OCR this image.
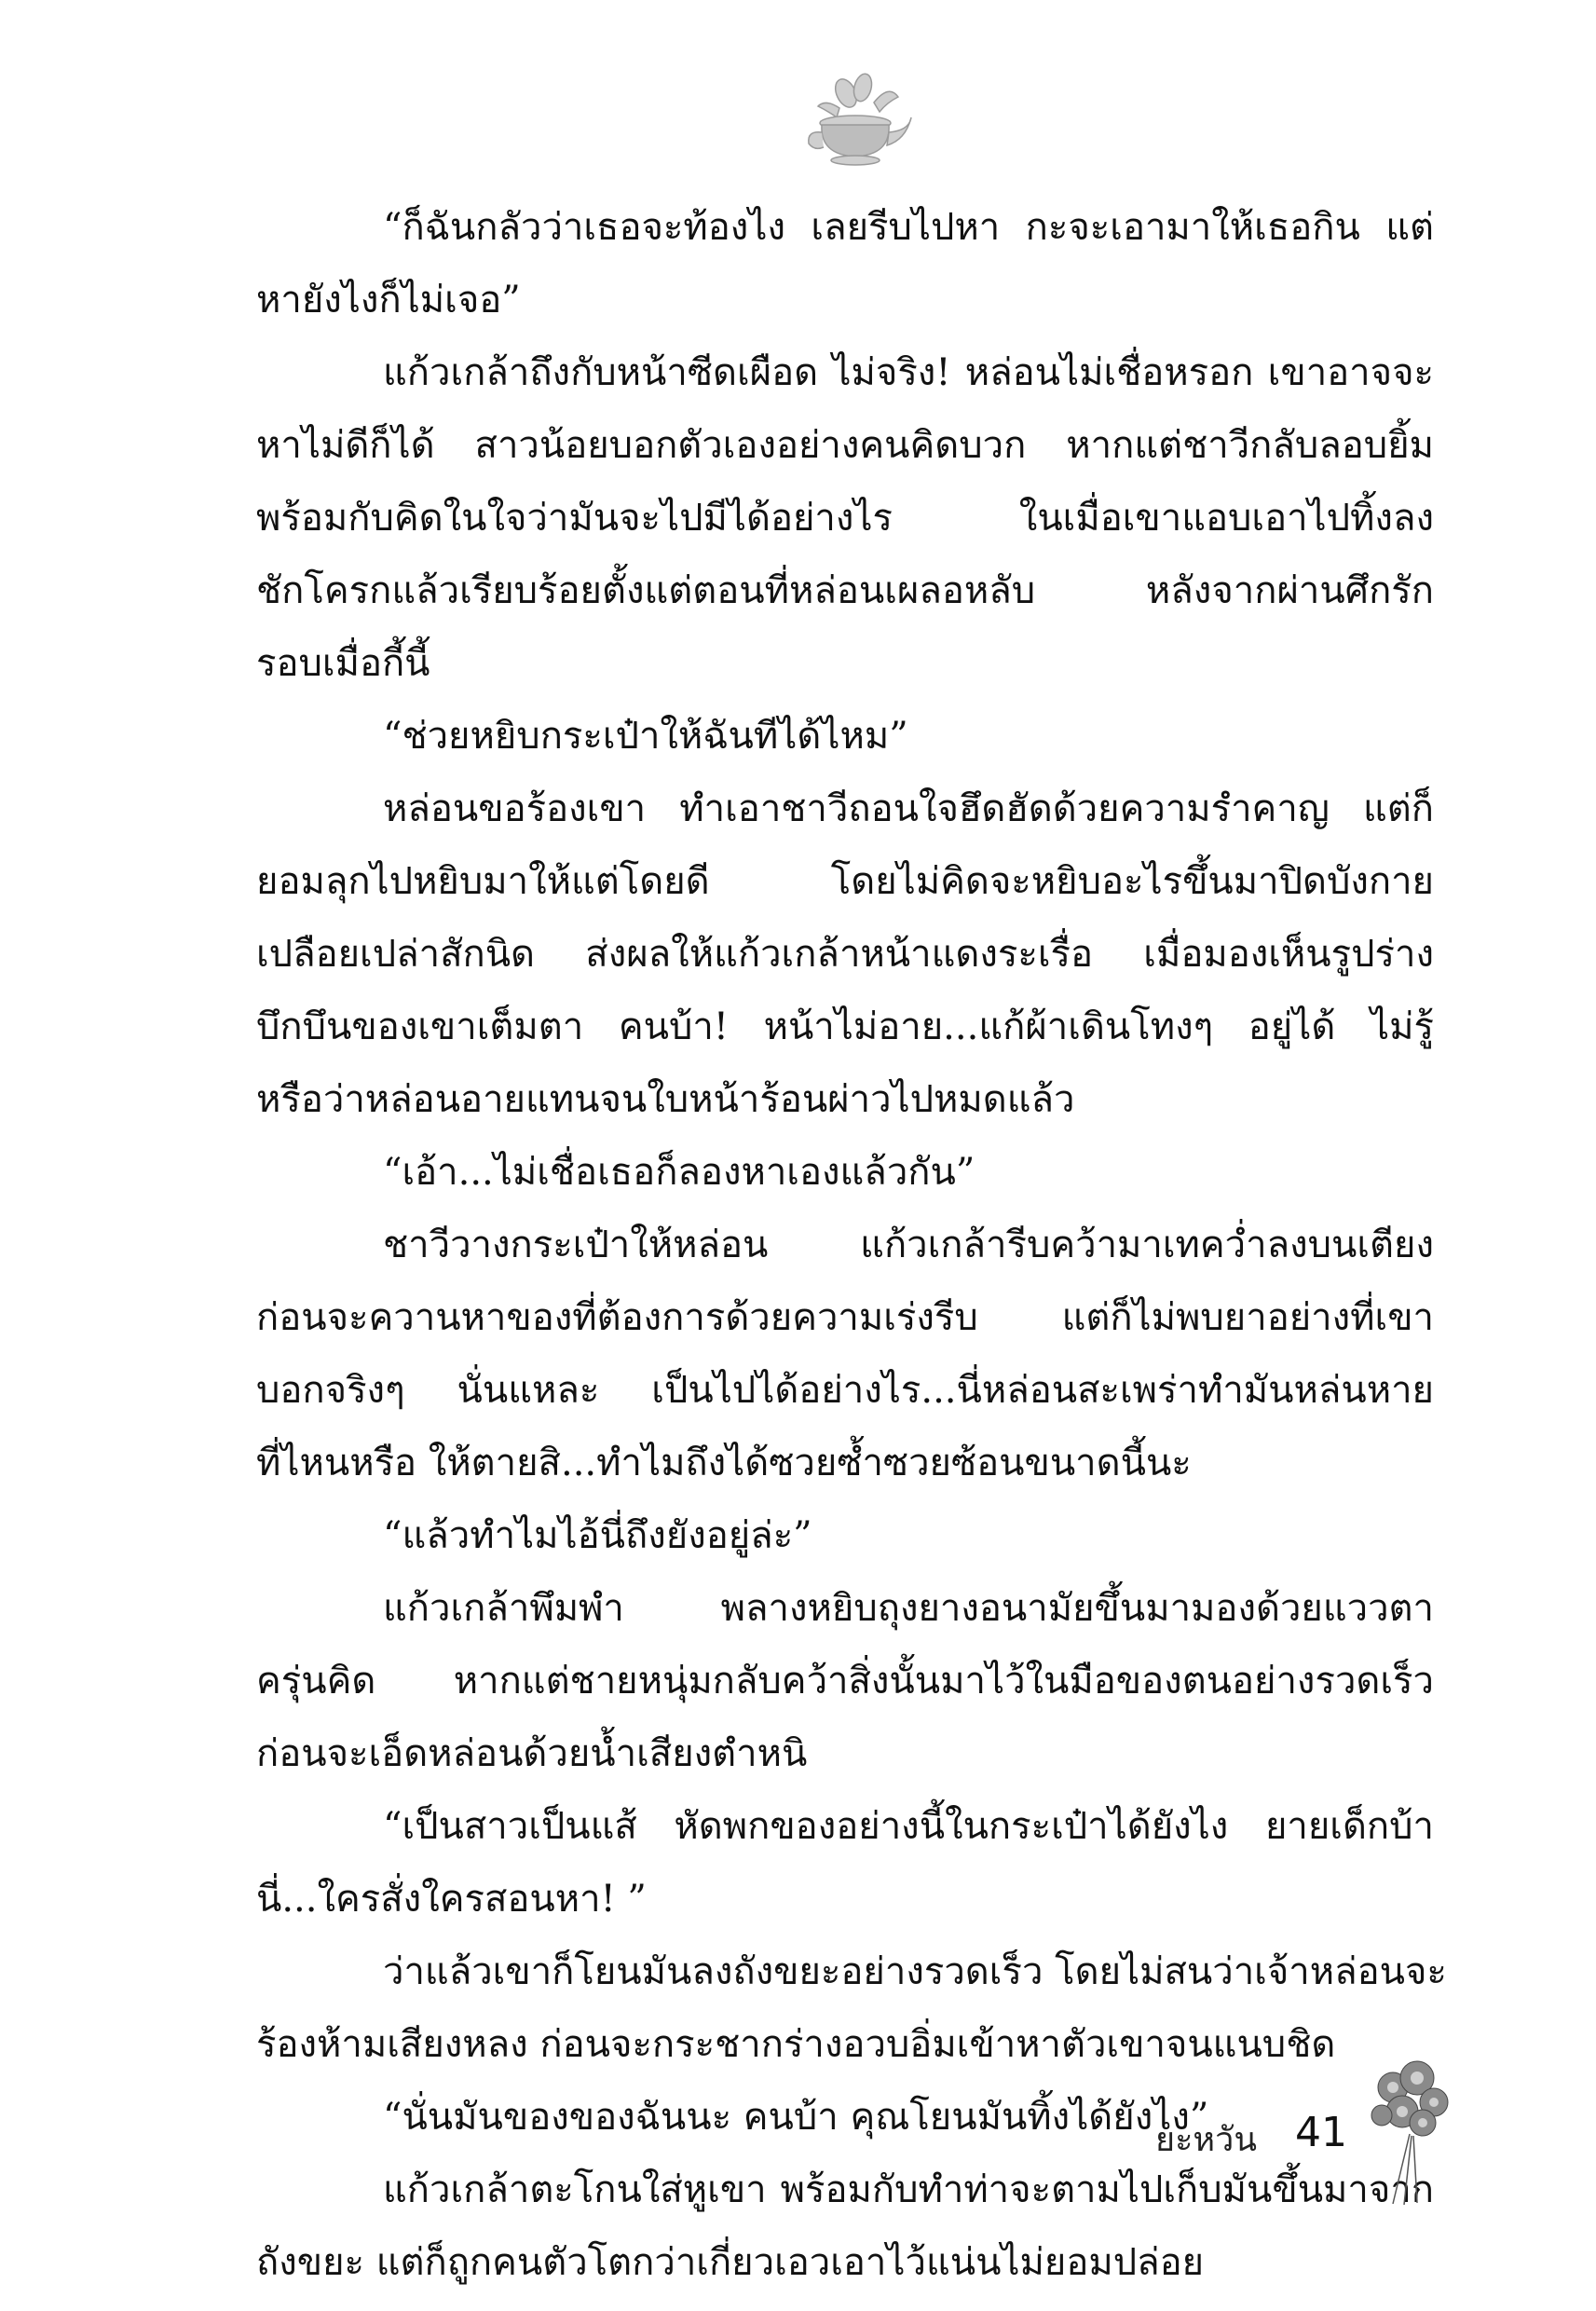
“ก็ฉันกลัวว่าเธอจะท้องไง เลยรีบไปหา กะจะเอามาให้เธอกิน แต่
หายังไงก็ไม่เจอ”
แก้วเกล้าถึงกับหน้าซีดเผือด ไม่จริง! หล่อนไม่เชื่อหรอก เขาอาจจะ
หาไม่ดีก็ได้ สาวน้อยบอกตัวเองอย่างคนคิดบวก หากแต่ชาวีกลับลอบยิ้ม
พร้อมกับคิดในใจว่ามันจะไปมีได้อย่างไร ในเมื่อเขาแอบเอาไปทิ้งลง
ชักโครกแล้วเรียบร้อยตั้งแต่ตอนที่หล่อนเผลอหลับ หลังจากผ่านศึกรัก
รอบเมื่อกี้นี้
“ช่วยหยิบกระเป๋าให้ฉันทีได้ไหม”
หล่อนขอร้องเขา ทำเอาชาวีถอนใจฮึดฮัดด้วยความรำคาญ แต่ก็
ยอมลุกไปหยิบมาให้แต่โดยดี โดยไม่คิดจะหยิบอะไรขึ้นมาปิดบังกาย
เปลือยเปล่าสักนิด ส่งผลให้แก้วเกล้าหน้าแดงระเรื่อ เมื่อมองเห็นรูปร่าง
บึกบึนของเขาเต็มตา คนบ้า! หน้าไม่อาย...แก้ผ้าเดินโทงๆ อยู่ได้ ไม่รู้
หรือว่าหล่อนอายแทนจนใบหน้าร้อนผ่าวไปหมดแล้ว
“เอ้า...ไม่เชื่อเธอก็ลองหาเองแล้วกัน”
ชาวีวางกระเป๋าให้หล่อน แก้วเกล้ารีบคว้ามาเทคว่ำลงบนเตียง
ก่อนจะควานหาของที่ต้องการด้วยความเร่งรีบ แต่ก็ไม่พบยาอย่างที่เขา
บอกจริงๆ นั่นแหละ เป็นไปได้อย่างไร...นี่หล่อนสะเพร่าทำมันหล่นหาย
ที่ไหนหรือ ให้ตายสิ...ทำไมถึงได้ซวยซ้ำซวยซ้อนขนาดนี้นะ
“แล้วทำไมไอ้นี่ถึงยังอยู่ล่ะ”
แก้วเกล้าพึมพำ พลางหยิบถุงยางอนามัยขึ้นมามองด้วยแววตา
ครุ่นคิด หากแต่ชายหนุ่มกลับคว้าสิ่งนั้นมาไว้ในมือของตนอย่างรวดเร็ว
ก่อนจะเอ็ดหล่อนด้วยน้ำเสียงตำหนิ
“เป็นสาวเป็นแส้ หัดพกของอย่างนี้ในกระเป๋าได้ยังไง ยายเด็กบ้า
นี่...ใครสั่งใครสอนหา! ”
ว่าแล้วเขาก็โยนมันลงถังขยะอย่างรวดเร็ว โดยไม่สนว่าเจ้าหล่อนจะ
ร้องห้ามเสียงหลง ก่อนจะกระชากร่างอวบอิ่มเข้าหาตัวเขาจนแนบชิด
“นั่นมันของของฉันนะ คนบ้า คุณโยนมันทิ้งได้ยังไง”
แก้วเกล้าตะโกนใส่หูเขา พร้อมกับทำท่าจะตามไปเก็บมันขึ้นมาจาก
ถังขยะ แต่ก็ถูกคนตัวโตกว่าเกี่ยวเอวเอาไว้แน่นไม่ยอมปล่อย
ยะหวัน 41
